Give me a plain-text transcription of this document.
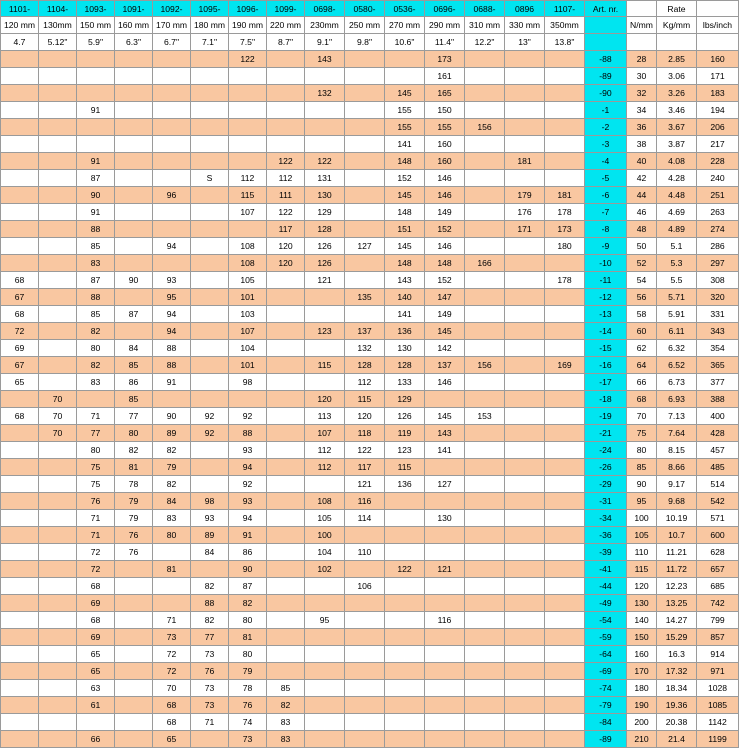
1101-	1104-	1093-	1091-	1092-	1095-	1096-	1099-	0698-	0580-	0536-	0696-	0688-	0896	1107-	Art. nr.		Rate	
120 mm	130mm	150 mm	160 mm	170 mm	180 mm	190 mm	220 mm	230mm	250 mm	270 mm	290 mm	310 mm	330 mm	350mm		N/mm	Kg/mm	lbs/inch
4.7	5.12"	5.9"	6.3"	6.7"	7.1"	7.5"	8.7"	9.1"	9.8"	10.6"	11.4"	12.2"	13"	13.8"				
						122		143			173				-88	28	2.85	160
											161				-89	30	3.06	171
								132		145	165				-90	32	3.26	183
		91								155	150				-1	34	3.46	194
										155	155	156			-2	36	3.67	206
										141	160				-3	38	3.87	217
		91					122	122		148	160		181		-4	40	4.08	228
		87			S	112	112	131		152	146				-5	42	4.28	240
		90		96		115	111	130		145	146		179	181	-6	44	4.48	251
		91				107	122	129		148	149		176	178	-7	46	4.69	263
		88					117	128		151	152		171	173	-8	48	4.89	274
		85		94		108	120	126	127	145	146			180	-9	50	5.1	286
		83				108	120	126		148	148	166			-10	52	5.3	297
68		87	90	93		105		121		143	152			178	-11	54	5.5	308
67		88		95		101			135	140	147				-12	56	5.71	320
68		85	87	94		103				141	149				-13	58	5.91	331
72		82		94		107		123	137	136	145				-14	60	6.11	343
69		80	84	88		104			132	130	142				-15	62	6.32	354
67		82	85	88		101		115	128	128	137	156		169	-16	64	6.52	365
65		83	86	91		98			112	133	146				-17	66	6.73	377
	70		85					120	115	129					-18	68	6.93	388
68	70	71	77	90	92	92		113	120	126	145	153			-19	70	7.13	400
	70	77	80	89	92	88		107	118	119	143				-21	75	7.64	428
		80	82	82		93		112	122	123	141				-24	80	8.15	457
		75	81	79		94		112	117	115					-26	85	8.66	485
		75	78	82		92			121	136	127				-29	90	9.17	514
		76	79	84	98	93		108	116						-31	95	9.68	542
		71	79	83	93	94		105	114		130				-34	100	10.19	571
		71	76	80	89	91		100							-36	105	10.7	600
		72	76		84	86		104	110						-39	110	11.21	628
		72		81		90		102		122	121				-41	115	11.72	657
		68			82	87			106						-44	120	12.23	685
		69			88	82									-49	130	13.25	742
		68		71	82	80		95			116				-54	140	14.27	799
		69		73	77	81									-59	150	15.29	857
		65		72	73	80									-64	160	16.3	914
		65		72	76	79									-69	170	17.32	971
		63		70	73	78	85								-74	180	18.34	1028
		61		68	73	76	82								-79	190	19.36	1085
				68	71	74	83								-84	200	20.38	1142
		66		65		73	83								-89	210	21.4	1199
